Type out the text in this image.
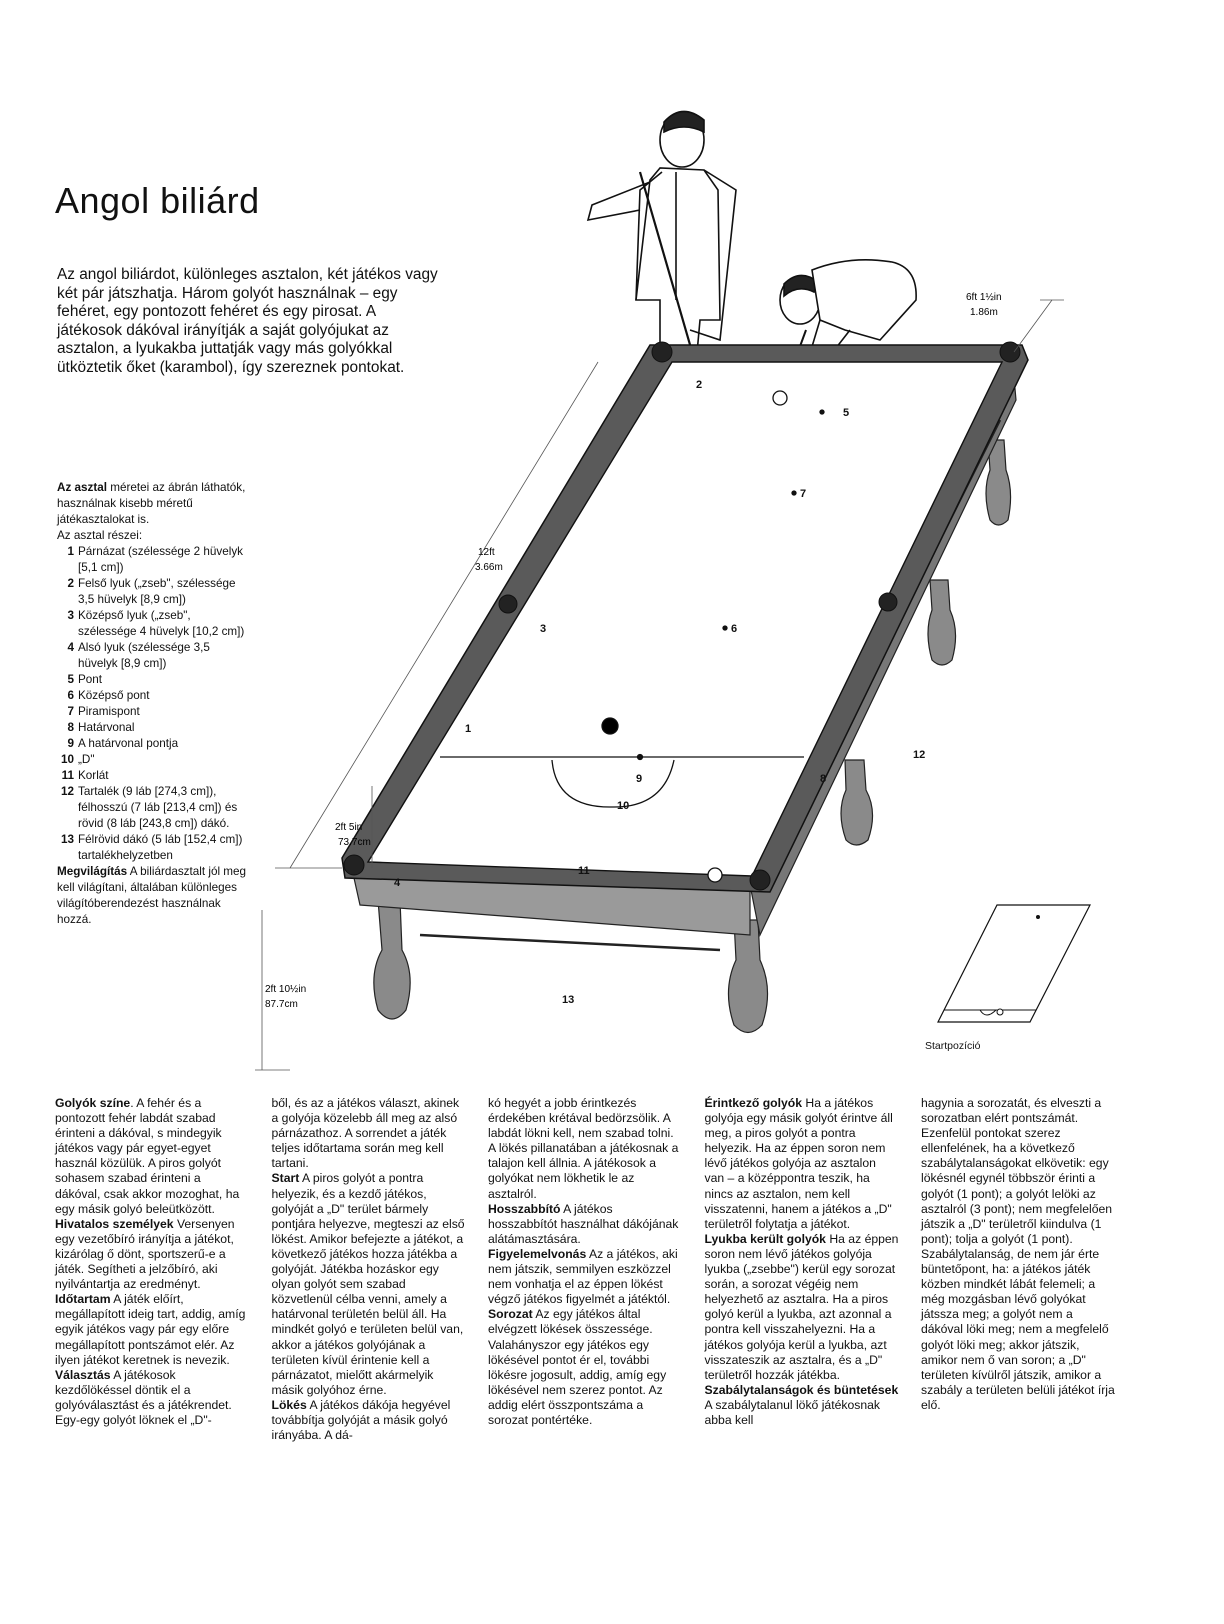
Angol biliárd

Az angol biliárdot, különleges asztalon, két játékos vagy két pár játszhatja. Három golyót használnak – egy fehéret, egy pontozott fehéret és egy pirosat. A játékosok dákóval irányítják a saját golyójukat az asztalon, a lyukakba juttatják vagy más golyókkal ütköztetik őket (karambol), így szereznek pontokat.

Az asztal méretei az ábrán láthatók, használnak kisebb méretű játékasztalokat is.

Az asztal részei:

1 Párnázat (szélessége 2 hüvelyk [5,1 cm])
2 Felső lyuk („zseb", szélessége 3,5 hüvelyk [8,9 cm])
3 Középső lyuk („zseb", szélessége 4 hüvelyk [10,2 cm])
4 Alsó lyuk (szélessége 3,5 hüvelyk [8,9 cm])
5 Pont
6 Középső pont
7 Piramispont
8 Határvonal
9 A határvonal pontja
10 „D"
11 Korlát
12 Tartalék (9 láb [274,3 cm]), félhosszú (7 láb [213,4 cm]) és rövid (8 láb [243,8 cm]) dákó.
13 Félrövid dákó (5 láb [152,4 cm]) tartalékhelyzetben

Megvilágítás A biliárdasztalt jól meg kell világítani, általában különleges világítóberendezést használnak hozzá.

6ft 1½in
1.86m
12ft
3.66m
2ft 5in
73.7cm
2ft 10½in
87.7cm
1
2
3
4
5
6
7
8
9
10
11
12
13
Startpozíció

Golyók színe. A fehér és a pontozott fehér labdát szabad érinteni a dákóval, s mindegyik játékos vagy pár egyet-egyet használ közülük. A piros golyót sohasem szabad érinteni a dákóval, csak akkor mozoghat, ha egy másik golyó beleütközött.

Hivatalos személyek Versenyen egy vezetőbíró irányítja a játékot, kizárólag ő dönt, sportszerű-e a játék. Segítheti a jelzőbíró, aki nyilvántartja az eredményt.

Időtartam A játék előírt, megállapított ideig tart, addig, amíg egyik játékos vagy pár egy előre megállapított pontszámot elér. Az ilyen játékot keretnek is nevezik.

Választás A játékosok kezdőlökéssel döntik el a golyóválasztást és a játékrendet. Egy-egy golyót löknek el „D"-

ből, és az a játékos választ, akinek a golyója közelebb áll meg az alsó párnázathoz. A sorrendet a játék teljes időtartama során meg kell tartani.

Start A piros golyót a pontra helyezik, és a kezdő játékos, golyóját a „D" terület bármely pontjára helyezve, megteszi az első lökést. Amikor befejezte a játékot, a következő játékos hozza játékba a golyóját. Játékba hozáskor egy olyan golyót sem szabad közvetlenül célba venni, amely a határvonal területén belül áll. Ha mindkét golyó e területen belül van, akkor a játékos golyójának a területen kívül érintenie kell a párnázatot, mielőtt akármelyik másik golyóhoz érne.

Lökés A játékos dákója hegyével továbbítja golyóját a másik golyó irányába. A dá-

kó hegyét a jobb érintkezés érdekében krétával bedörzsölik. A labdát lökni kell, nem szabad tolni. A lökés pillanatában a játékosnak a talajon kell állnia. A játékosok a golyókat nem lökhetik le az asztalról.

Hosszabbító A játékos hosszabbítót használhat dákójának alátámasztására.

Figyelemelvonás Az a játékos, aki nem játszik, semmilyen eszközzel nem vonhatja el az éppen lökést végző játékos figyelmét a játéktól.

Sorozat Az egy játékos által elvégzett lökések összessége. Valahányszor egy játékos egy lökésével pontot ér el, további lökésre jogosult, addig, amíg egy lökésével nem szerez pontot. Az addig elért összpontszáma a sorozat pontértéke.

Érintkező golyók Ha a játékos golyója egy másik golyót érintve áll meg, a piros golyót a pontra helyezik. Ha az éppen soron nem lévő játékos golyója az asztalon van – a középpontra teszik, ha nincs az asztalon, nem kell visszatenni, hanem a játékos a „D" területről folytatja a játékot.

Lyukba került golyók Ha az éppen soron nem lévő játékos golyója lyukba („zsebbe") kerül egy sorozat során, a sorozat végéig nem helyezhető az asztalra. Ha a piros golyó kerül a lyukba, azt azonnal a pontra kell visszahelyezni. Ha a játékos golyója kerül a lyukba, azt visszateszik az asztalra, és a „D" területről hozzák játékba.

Szabálytalanságok és büntetések A szabálytalanul lökő játékosnak abba kell

hagynia a sorozatát, és elveszti a sorozatban elért pontszámát. Ezenfelül pontokat szerez ellenfelének, ha a következő szabálytalanságokat elkövetik: egy lökésnél egynél többször érinti a golyót (1 pont); a golyót lelöki az asztalról (3 pont); nem megfelelően játszik a „D" területről kiindulva (1 pont); tolja a golyót (1 pont). Szabálytalanság, de nem jár érte büntetőpont, ha: a játékos játék közben mindkét lábát felemeli; a még mozgásban lévő golyókat játssza meg; a golyót nem a dákóval löki meg; nem a megfelelő golyót löki meg; akkor játszik, amikor nem ő van soron; a „D" területen kívülről játszik, amikor a szabály a területen belüli játékot írja elő.
